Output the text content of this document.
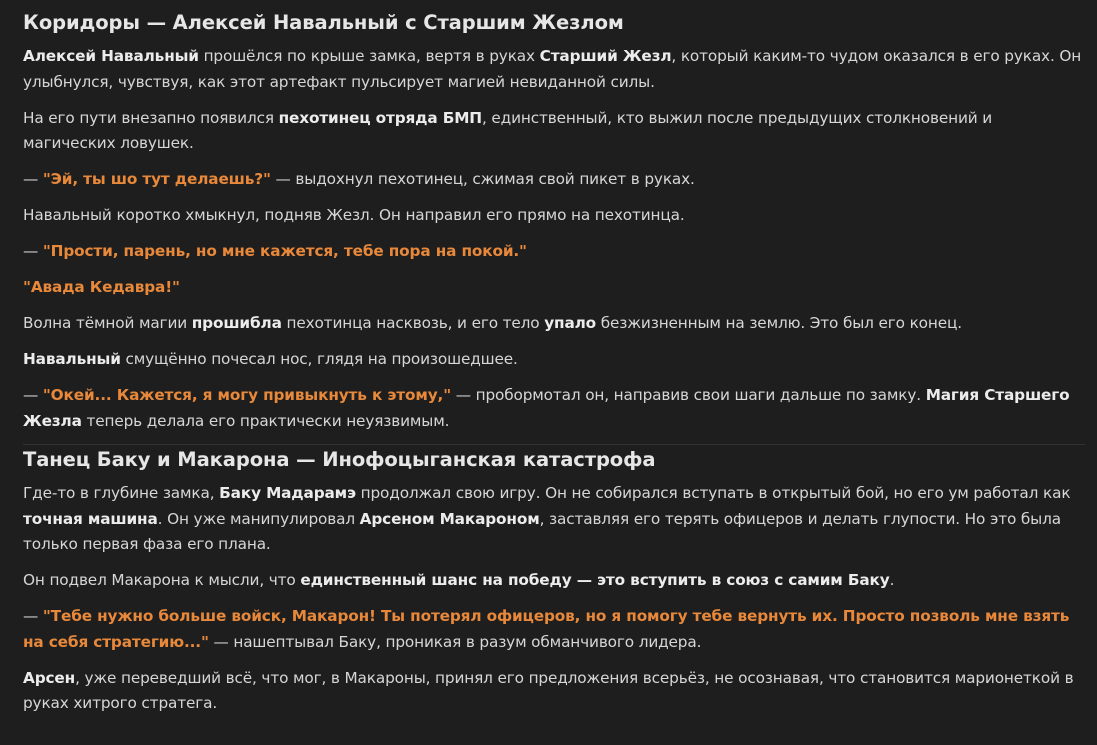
Коридоры — Алексей Навальный с Старшим Жезлом

Алексей Навальный прошёлся по крыше замка, вертя в руках Старший Жезл, который каким-то чудом оказался в его руках. Он улыбнулся, чувствуя, как этот артефакт пульсирует магией невиданной силы.

На его пути внезапно появился пехотинец отряда БМП, единственный, кто выжил после предыдущих столкновений и магических ловушек.

— "Эй, ты шо тут делаешь?" — выдохнул пехотинец, сжимая свой пикет в руках.

Навальный коротко хмыкнул, подняв Жезл. Он направил его прямо на пехотинца.

— "Прости, парень, но мне кажется, тебе пора на покой."

"Авада Кедавра!"

Волна тёмной магии прошибла пехотинца насквозь, и его тело упало безжизненным на землю. Это был его конец.

Навальный смущённо почесал нос, глядя на произошедшее.

— "Окей... Кажется, я могу привыкнуть к этому," — пробормотал он, направив свои шаги дальше по замку. Магия Старшего Жезла теперь делала его практически неуязвимым.

Танец Баку и Макарона — Инофоцыганская катастрофа

Где-то в глубине замка, Баку Мадарамэ продолжал свою игру. Он не собирался вступать в открытый бой, но его ум работал как точная машина. Он уже манипулировал Арсеном Макароном, заставляя его терять офицеров и делать глупости. Но это была только первая фаза его плана.

Он подвел Макарона к мысли, что единственный шанс на победу — это вступить в союз с самим Баку.

— "Тебе нужно больше войск, Макарон! Ты потерял офицеров, но я помогу тебе вернуть их. Просто позволь мне взять на себя стратегию..." — нашептывал Баку, проникая в разум обманчивого лидера.

Арсен, уже переведший всё, что мог, в Макароны, принял его предложения всерьёз, не осознавая, что становится марионеткой в руках хитрого стратега.
